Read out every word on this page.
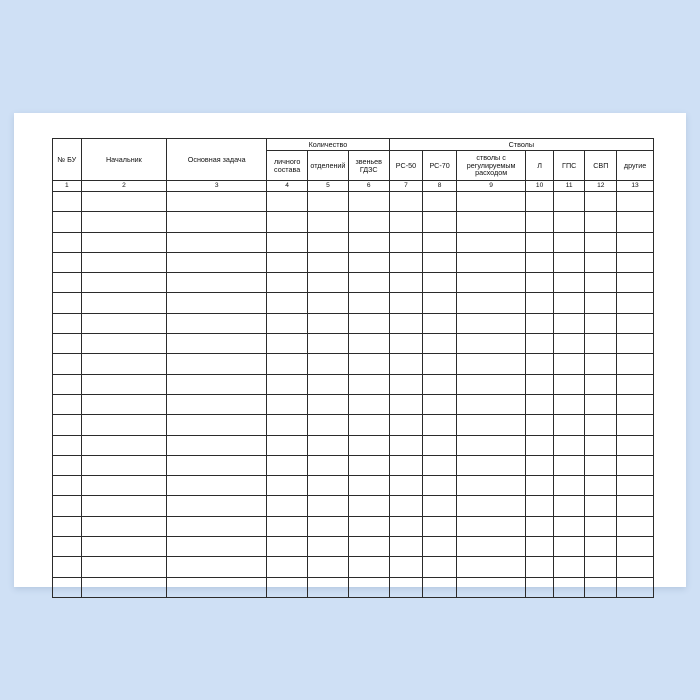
№ БУ	Начальник	Основная задача	Количество			Стволы						
			личного состава	отделений	звеньев ГДЗС	РС-50	РС-70	стволы с регулируемым расходом	Л	ГПС	СВП	другие
1	2	3	4	5	6	7	8	9	10	11	12	13
